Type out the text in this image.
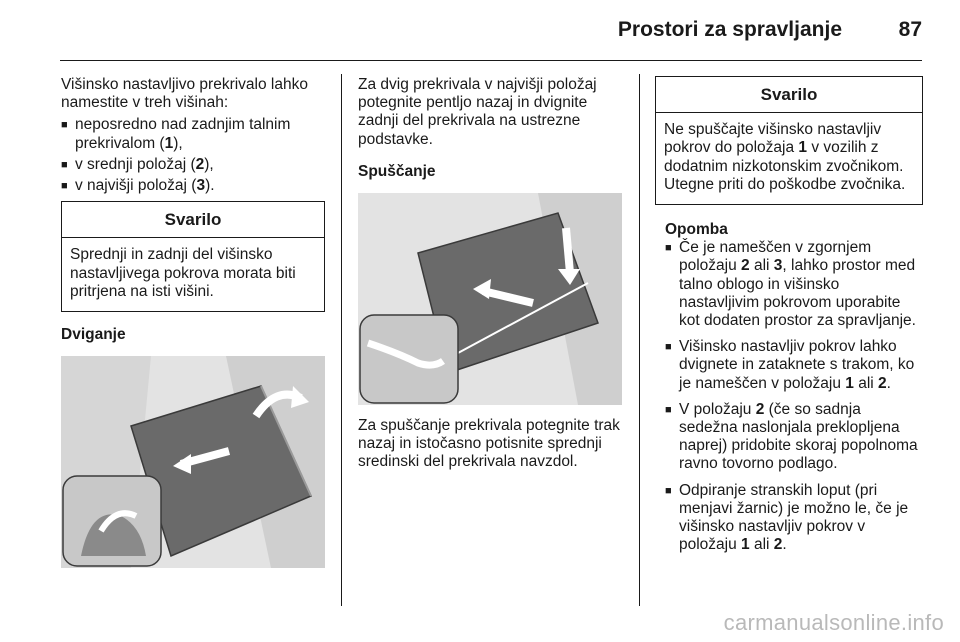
Prostori za spravljanje	87

Višinsko nastavljivo prekrivalo lahko namestite v treh višinah:

■ neposredno nad zadnjim talnim prekrivalom (1),
■ v srednji položaj (2),
■ v najvišji položaj (3).
Svarilo
Sprednji in zadnji del višinsko nastavljivega pokrova morata biti pritrjena na isti višini.

Dviganje

Za dvig prekrivala v najvišji položaj potegnite pentljo nazaj in dvignite zadnji del prekrivala na ustrezne podstavke.

Spuščanje

Za spuščanje prekrivala potegnite trak nazaj in istočasno potisnite sprednji sredinski del prekrivala navzdol.

Svarilo
Ne spuščajte višinsko nastavljiv pokrov do položaja 1 v vozilih z dodatnim nizkotonskim zvočnikom. Utegne priti do poškodbe zvočnika.

Opomba

■ Če je nameščen v zgornjem položaju 2 ali 3, lahko prostor med talno oblogo in višinsko nastavljivim pokrovom uporabite kot dodaten prostor za spravljanje.
■ Višinsko nastavljiv pokrov lahko dvignete in zataknete s trakom, ko je nameščen v položaju 1 ali 2.
■ V položaju 2 (če so sadnja sedežna naslonjala preklopljena naprej) pridobite skoraj popolnoma ravno tovorno podlago.
■ Odpiranje stranskih loput (pri menjavi žarnic) je možno le, če je višinsko nastavljiv pokrov v položaju 1 ali 2.
carmanualsonline.info
